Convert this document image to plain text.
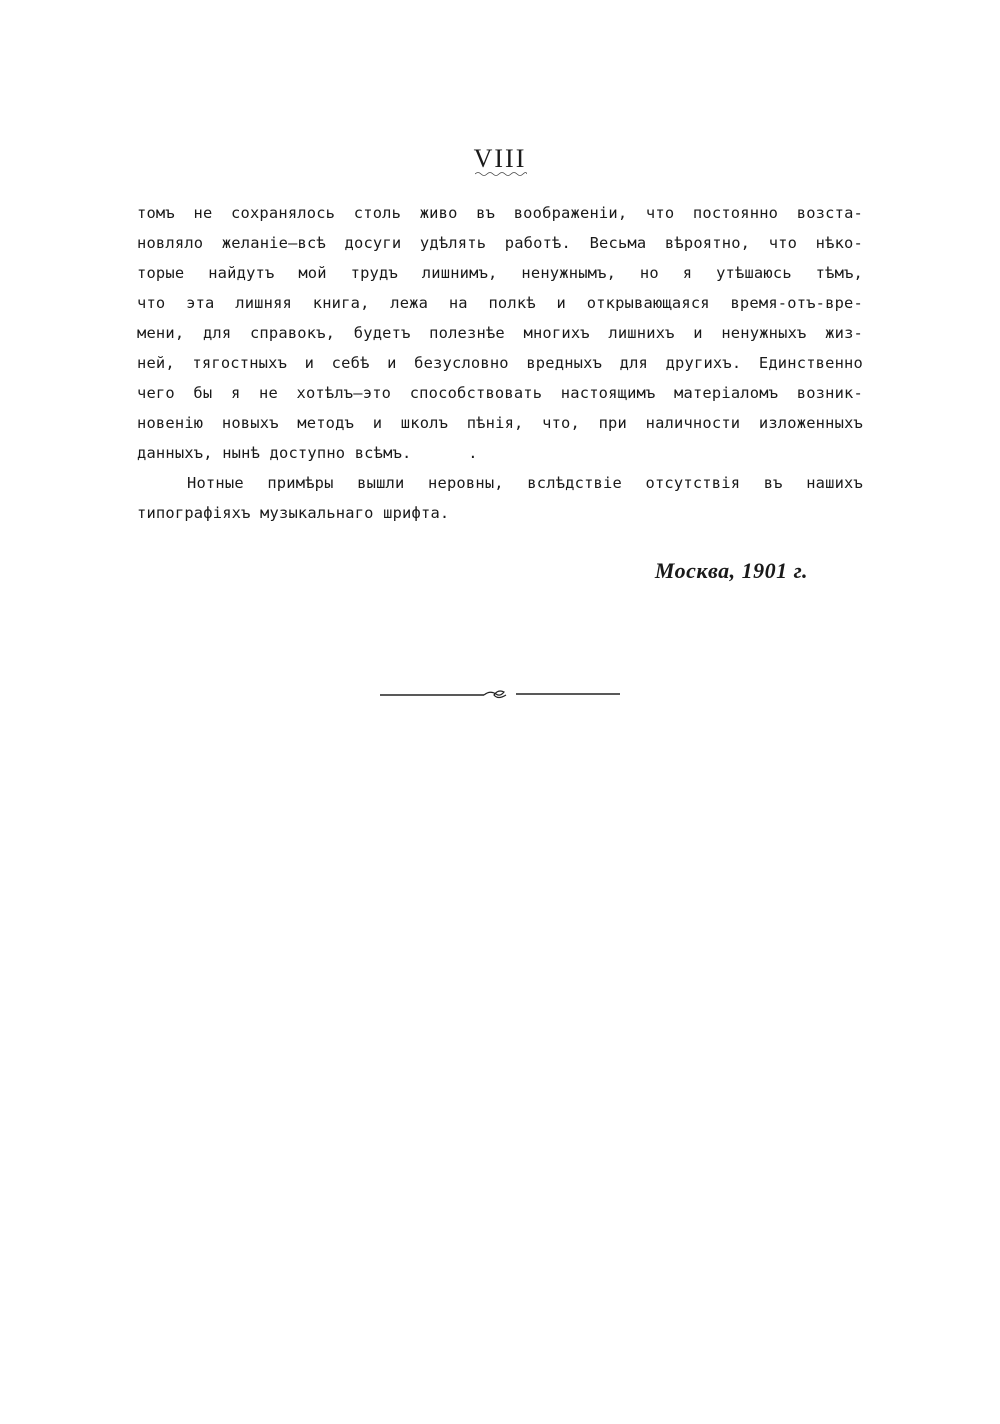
VIII
томъ не сохранялось столь живо въ воображеніи, что постоянно возста-
новляло желаніе—всѣ досуги удѣлять работѣ. Весьма вѣроятно, что нѣко-
торые найдутъ мой трудъ лишнимъ, ненужнымъ, но я утѣшаюсь тѣмъ,
что эта лишняя книга, лежа на полкѣ и открывающаяся время-отъ-вре-
мени, для справокъ, будетъ полезнѣе многихъ лишнихъ и ненужныхъ жиз-
ней, тягостныхъ и себѣ и безусловно вредныхъ для другихъ. Единственно
чего бы я не хотѣлъ—это способствовать настоящимъ матеріаломъ возник-
новенію новыхъ методъ и школъ пѣнія, что, при наличности изложенныхъ
данныхъ, нынѣ доступно всѣмъ.      .
Нотные примѣры вышли неровны, вслѣдствіе отсутствія въ нашихъ
типографіяхъ музыкальнаго шрифта.
Москва, 1901 г.
